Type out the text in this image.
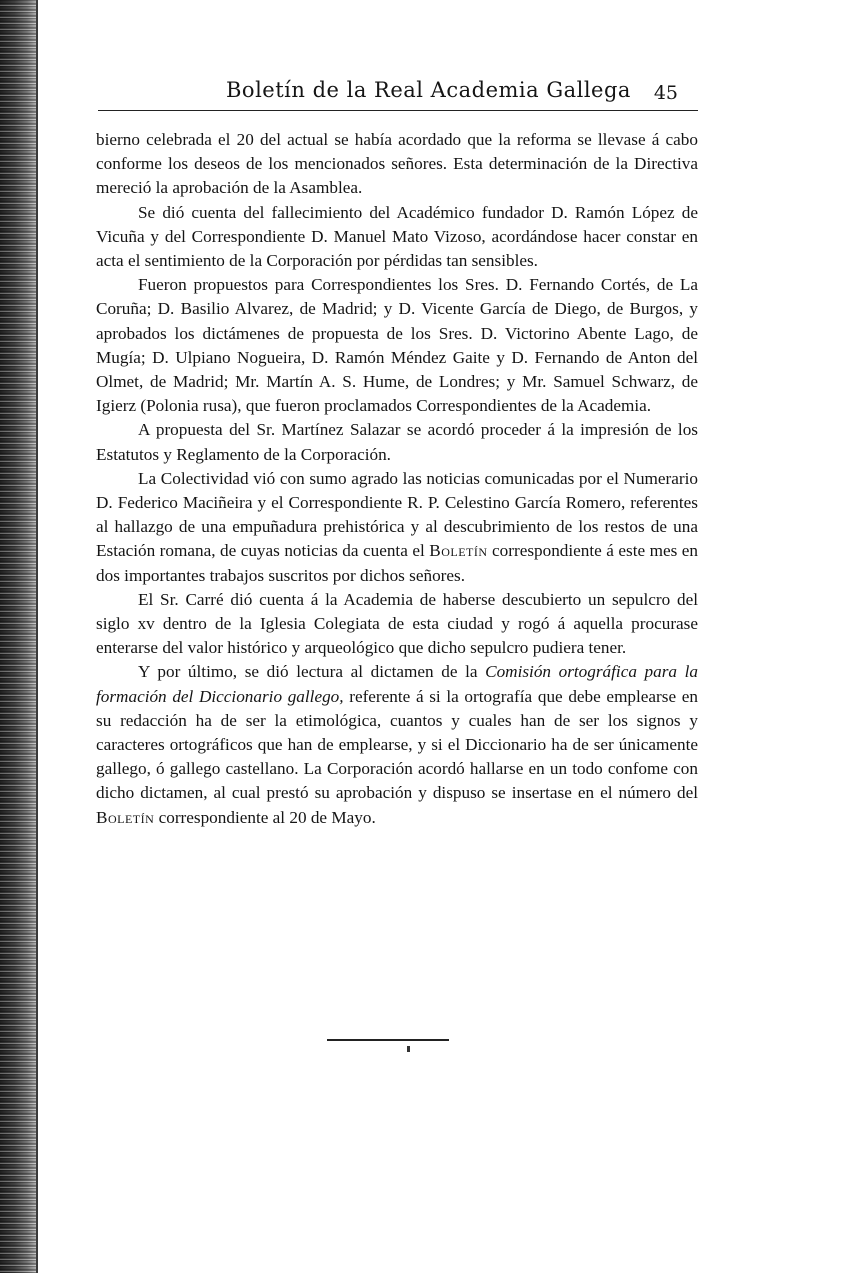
Boletín de la Real Academia Gallega 45

bierno celebrada el 20 del actual se había acordado que la reforma se llevase á cabo conforme los deseos de los mencionados señores. Esta determinación de la Directiva mereció la aprobación de la Asamblea.

Se dió cuenta del fallecimiento del Académico fundador D. Ramón López de Vicuña y del Correspondiente D. Manuel Mato Vizoso, acordándose hacer constar en acta el sentimiento de la Corporación por pérdidas tan sensibles.

Fueron propuestos para Correspondientes los Sres. D. Fernando Cortés, de La Coruña; D. Basilio Alvarez, de Madrid; y D. Vicente García de Diego, de Burgos, y aprobados los dictámenes de propuesta de los Sres. D. Victorino Abente Lago, de Mugía; D. Ulpiano Nogueira, D. Ramón Méndez Gaite y D. Fernando de Anton del Olmet, de Madrid; Mr. Martín A. S. Hume, de Londres; y Mr. Samuel Schwarz, de Igierz (Polonia rusa), que fueron proclamados Correspondientes de la Academia.

A propuesta del Sr. Martínez Salazar se acordó proceder á la impresión de los Estatutos y Reglamento de la Corporación.

La Colectividad vió con sumo agrado las noticias comunicadas por el Numerario D. Federico Maciñeira y el Correspondiente R. P. Celestino García Romero, referentes al hallazgo de una empuñadura prehistórica y al descubrimiento de los restos de una Estación romana, de cuyas noticias da cuenta el Boletín correspondiente á este mes en dos importantes trabajos suscritos por dichos señores.

El Sr. Carré dió cuenta á la Academia de haberse descubierto un sepulcro del siglo xv dentro de la Iglesia Colegiata de esta ciudad y rogó á aquella procurase enterarse del valor histórico y arqueológico que dicho sepulcro pudiera tener.

Y por último, se dió lectura al dictamen de la Comisión ortográfica para la formación del Diccionario gallego, referente á si la ortografía que debe emplearse en su redacción ha de ser la etimológica, cuantos y cuales han de ser los signos y caracteres ortográficos que han de emplearse, y si el Diccionario ha de ser únicamente gallego, ó gallego castellano. La Corporación acordó hallarse en un todo confome con dicho dictamen, al cual prestó su aprobación y dispuso se insertase en el número del Boletín correspondiente al 20 de Mayo.
